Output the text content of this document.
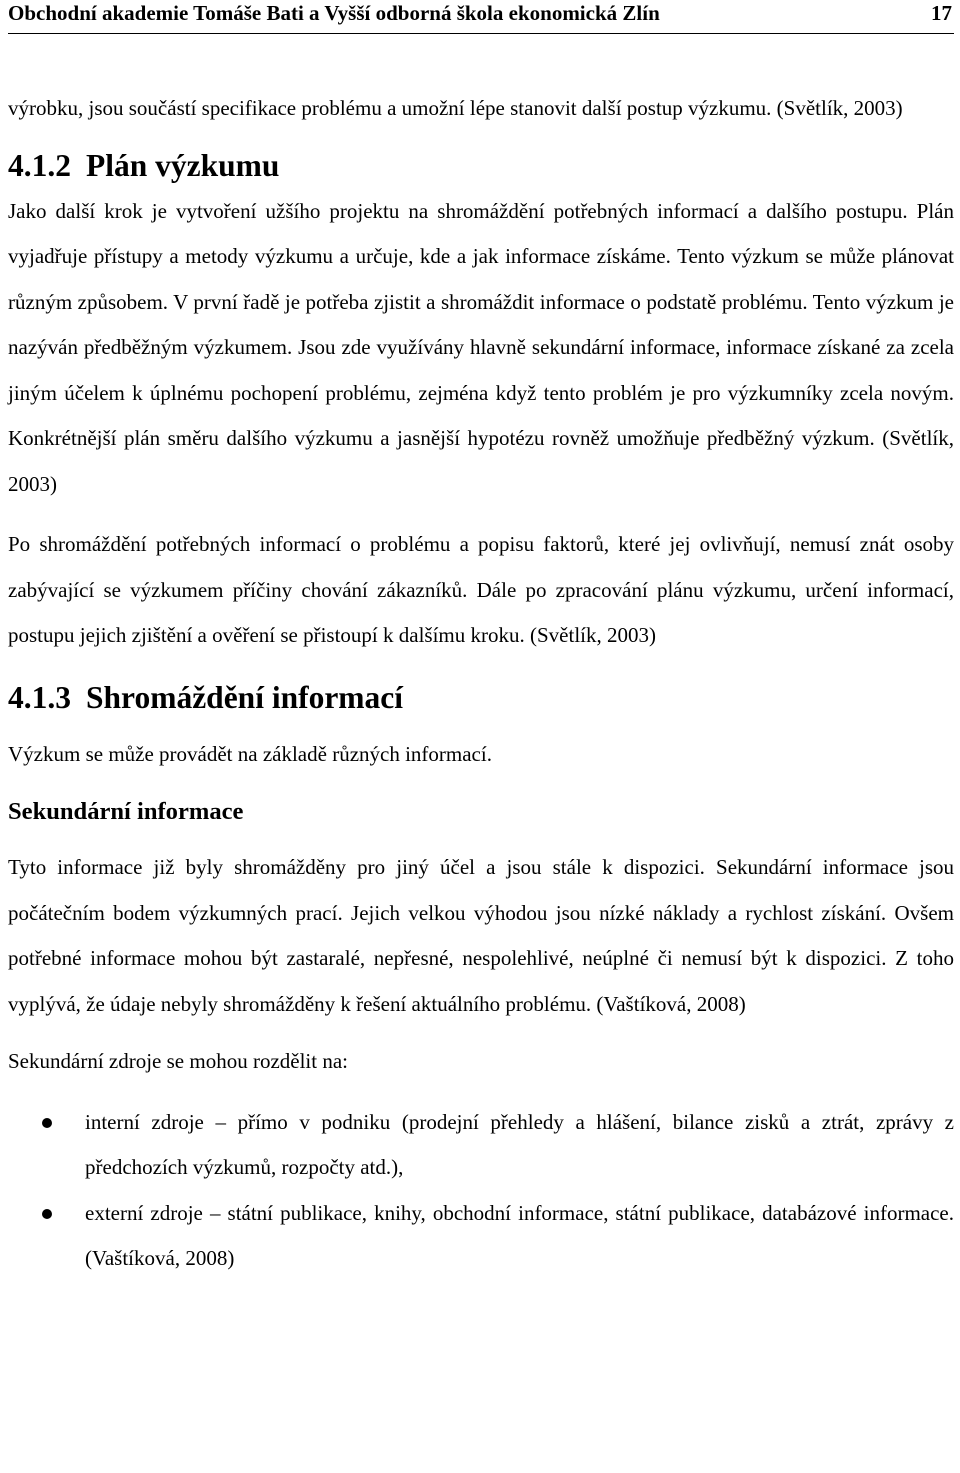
Obchodní akademie Tomáše Bati a Vyšší odborná škola ekonomická Zlín	17

výrobku, jsou součástí specifikace problému a umožní lépe stanovit další postup výzkumu. (Světlík, 2003)

4.1.2 Plán výzkumu

Jako další krok je vytvoření užšího projektu na shromáždění potřebných informací a dalšího postupu. Plán vyjadřuje přístupy a metody výzkumu a určuje, kde a jak informace získáme. Tento výzkum se může plánovat různým způsobem. V první řadě je potřeba zjistit a shromáždit informace o podstatě problému. Tento výzkum je nazýván předběžným výzkumem. Jsou zde využívány hlavně sekundární informace, informace získané za zcela jiným účelem k úplnému pochopení problému, zejména když tento problém je pro výzkumníky zcela novým. Konkrétnější plán směru dalšího výzkumu a jasnější hypotézu rovněž umožňuje předběžný výzkum. (Světlík, 2003)

Po shromáždění potřebných informací o problému a popisu faktorů, které jej ovlivňují, nemusí znát osoby zabývající se výzkumem příčiny chování zákazníků. Dále po zpracování plánu výzkumu, určení informací, postupu jejich zjištění a ověření se přistoupí k dalšímu kroku. (Světlík, 2003)

4.1.3 Shromáždění informací

Výzkum se může provádět na základě různých informací.

Sekundární informace

Tyto informace již byly shromážděny pro jiný účel a jsou stále k dispozici. Sekundární informace jsou počátečním bodem výzkumných prací. Jejich velkou výhodou jsou nízké náklady a rychlost získání. Ovšem potřebné informace mohou být zastaralé, nepřesné, nespolehlivé, neúplné či nemusí být k dispozici. Z toho vyplývá, že údaje nebyly shromážděny k řešení aktuálního problému. (Vaštíková, 2008)

Sekundární zdroje se mohou rozdělit na:

interní zdroje – přímo v podniku (prodejní přehledy a hlášení, bilance zisků a ztrát, zprávy z předchozích výzkumů, rozpočty atd.),
externí zdroje – státní publikace, knihy, obchodní informace, státní publikace, databázové informace. (Vaštíková, 2008)
